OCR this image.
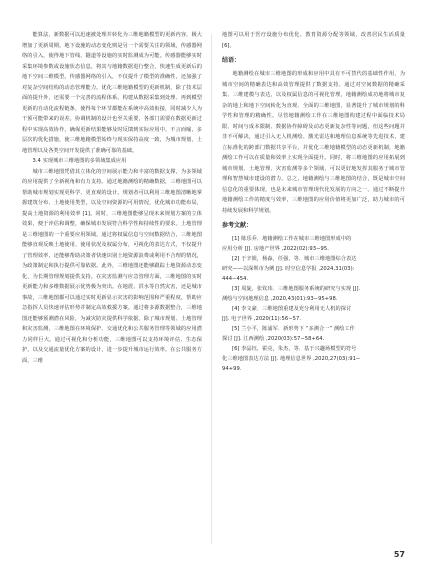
能算法，新数据可以迅速被处理并转化为三维地籍模型的更新内容，极大增加了更新周期。地下设施的动态变化则是另一个需要关注的领域，传感器网络的引入，使得地下管线、隧道等设施的实时监测成为可能。传感器能够实时采集环境参数或设施状态信息，将其与地籍数据进行整合，快速生成更新后的地下空间三维模型。传感器网络的引入，不仅提升了模型的准确性，还加强了对复杂空间结构的动态管理能力。优化三维地籍模型的更新机制，除了技术层面的提升外，还需要一个完善的流程体系。构建从数据采集到处理、再到模型更新的自动化流程链条，使得每个环节都能在系统中高效衔接，同时减少人为干预可能带来的误差。协调机制的设计也至关重要，各部门需要在数据更新过程中实现高效协作，确保更新结果能够及时反馈到实际应用中。不言而喻，多层次的优化措施，使三维地籍模型始终与现实保持高度一致，为城市规划、土地管理以及各类空间开发提供了准确可靠的基础。

3.4 实现城市三维地图的多领域集成应用

城市三维地图凭借其立体化的空间展示能力和丰富的数据支撑，为多领域的应用提供了全新视角和有力支持。通过地籍测绘的精确数据，三维地图可以帮助城市规划实现更科学、更直观的设计。规划者可以利用三维地图清晰地掌握建筑分布、土地使用类型，以及空间资源的可用情况，优化城市功能布局，提高土地资源的利用效率 [1]。同时，三维地图能够呈现未来规划方案的立体效果，便于评估和调整，确保城市发展符合科学性和持续性的要求。土地管理是三维地图的一个重要应用领域。通过将权属信息与空间数据结合，三维地图能够直观反映土地使用、使用状况及权属分布，可视化的表达方式，不仅提升了管理效率，还能够帮助决策者快速识别土地资源浪费或利用不合理的情况，为政策制定和执行提供可靠依据。此外，三维地图还能够跟踪土地资源动态变化，为长期管理规划提供支持。在灾害监测与应急管理方面，三维地图的实时更新能力和多维数据展示优势极为突出。在地震、洪水等自然灾害，还是城市事故，三维地图都可以通过实时更新显示灾害的影响范围和严重程度，帮助应急指挥人员快速评估形势并制定高效救援方案。通过将多源数据整合，三维地图还能够预测潜在风险，为减灾防灾提供科学依据。除了城市规划、土地管理和灾害监测，三维地图在环境保护、交通优化和公共服务管理等领域的应用潜力同样巨大。通过可视化和分析功能，三维地图可以支持环境评估、生态保护，以及交通流量优化方案的设计，进一步提升城市运行效率。在公共服务方面，三维

地图可以用于医疗设施分布优化、教育资源分配等领域，改善居民生活质量 [6]。

结语：

地籍测绘在城市三维地图的形成和应用中具有不可替代的基础性作用，为城市空间的精确表达和高效管理提供了数据支持。通过对空间数据的精确采集、三维建模与表达，以及权属信息的可视化管理，地籍测绘成功地将城市复杂的地上和地下空间转化为直观、全面的三维地图，显著提升了城市规划的科学性和管理的精确性。尽管地籍测绘工作在三维地图构建过程中面临技术局限、时间与成本限制、数据协作障碍及动态更新复杂性等问题，但这些问题并非不可解决，通过引入无人机测绘、激光雷达和地理信息系统等先进技术，建立标准化的跨部门数据共享平台，并优化三维地籍模型的动态更新机制，地籍测绘工作可以在质量和效率上实现全面提升。同时，将三维地图的应用拓展到城市规划、土地管理、灾害监测等多个领域，可以更好地发挥其服务于城市管理和智慧城市建设的潜力。总之，地籍测绘与三维地图的结合，既是城市空间信息化的重要体现，也是未来城市管理现代化发展的方向之一。通过不断提升地籍测绘工作的精度与效率，三维地图的应用价值将更加广泛，助力城市的可持续发展和科学规划。

参考文献：

[1] 陈乐乔．地籍测绘工作在城市三维地图形成中的
应用分析 [J]. 房地产世界 ,2022(02):93−95.

[2] 于辛娱，杨淼，任强，等．城市三维地图综合表达
研究——以深圳市为例 [J]. 时空信息学报 ,2024,31(03):
444−454.

[3] 周旋，张钦玮．三维地图服务系统的研究与实现 [J].
测绘与空间地理信息 ,2020,43(01):93−95+98.

[4] 李文豪．三维地图重建及充分利用无人机的探讨
[J]. 电子世界 ,2020(11):56−57.

[5] 兰小平，陈浦军．新形势下 “多测合一” 测绘工作
探讨 [J]. 江西测绘 ,2020(03):57−58+64.

[6] 李晶钰，霍亮，朱杰，等．基于兴趣场模型的符号
化三维地图表达方法 [J]. 地理信息世界 ,2020,27(03):91−
94+99.

57
